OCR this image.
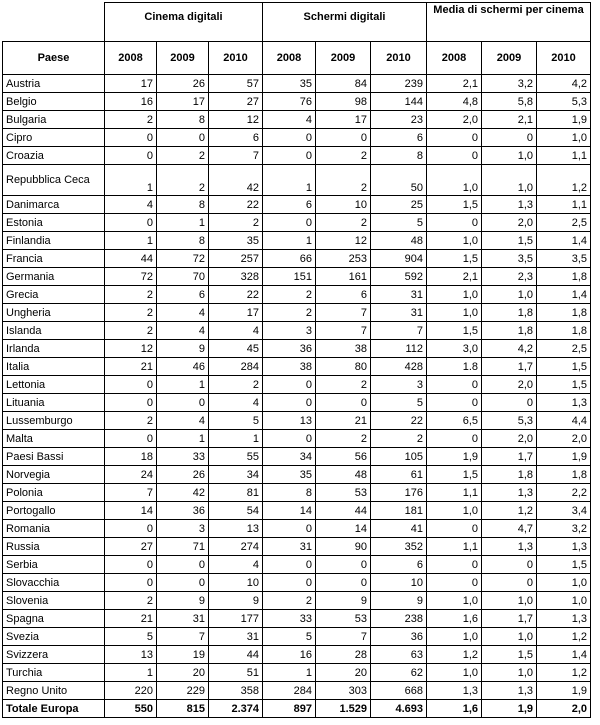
	Cinema digitali			Schermi digitali			Media di schermi per cinema		
Paese	2008	2009	2010	2008	2009	2010	2008	2009	2010
Austria	17	26	57	35	84	239	2,1	3,2	4,2
Belgio	16	17	27	76	98	144	4,8	5,8	5,3
Bulgaria	2	8	12	4	17	23	2,0	2,1	1,9
Cipro	0	0	6	0	0	6	0	0	1,0
Croazia	0	2	7	0	2	8	0	1,0	1,1
Repubblica Ceca	1	2	42	1	2	50	1,0	1,0	1,2
Danimarca	4	8	22	6	10	25	1,5	1,3	1,1
Estonia	0	1	2	0	2	5	0	2,0	2,5
Finlandia	1	8	35	1	12	48	1,0	1,5	1,4
Francia	44	72	257	66	253	904	1,5	3,5	3,5
Germania	72	70	328	151	161	592	2,1	2,3	1,8
Grecia	2	6	22	2	6	31	1,0	1,0	1,4
Ungheria	2	4	17	2	7	31	1,0	1,8	1,8
Islanda	2	4	4	3	7	7	1,5	1,8	1,8
Irlanda	12	9	45	36	38	112	3,0	4,2	2,5
Italia	21	46	284	38	80	428	1.8	1,7	1,5
Lettonia	0	1	2	0	2	3	0	2,0	1,5
Lituania	0	0	4	0	0	5	0	0	1,3
Lussemburgo	2	4	5	13	21	22	6,5	5,3	4,4
Malta	0	1	1	0	2	2	0	2,0	2,0
Paesi Bassi	18	33	55	34	56	105	1,9	1,7	1,9
Norvegia	24	26	34	35	48	61	1,5	1,8	1,8
Polonia	7	42	81	8	53	176	1,1	1,3	2,2
Portogallo	14	36	54	14	44	181	1,0	1,2	3,4
Romania	0	3	13	0	14	41	0	4,7	3,2
Russia	27	71	274	31	90	352	1,1	1,3	1,3
Serbia	0	0	4	0	0	6	0	0	1,5
Slovacchia	0	0	10	0	0	10	0	0	1,0
Slovenia	2	9	9	2	9	9	1,0	1,0	1,0
Spagna	21	31	177	33	53	238	1,6	1,7	1,3
Svezia	5	7	31	5	7	36	1,0	1,0	1,2
Svizzera	13	19	44	16	28	63	1,2	1,5	1,4
Turchia	1	20	51	1	20	62	1,0	1,0	1,2
Regno Unito	220	229	358	284	303	668	1,3	1,3	1,9
Totale Europa	550	815	2.374	897	1.529	4.693	1,6	1,9	2,0
